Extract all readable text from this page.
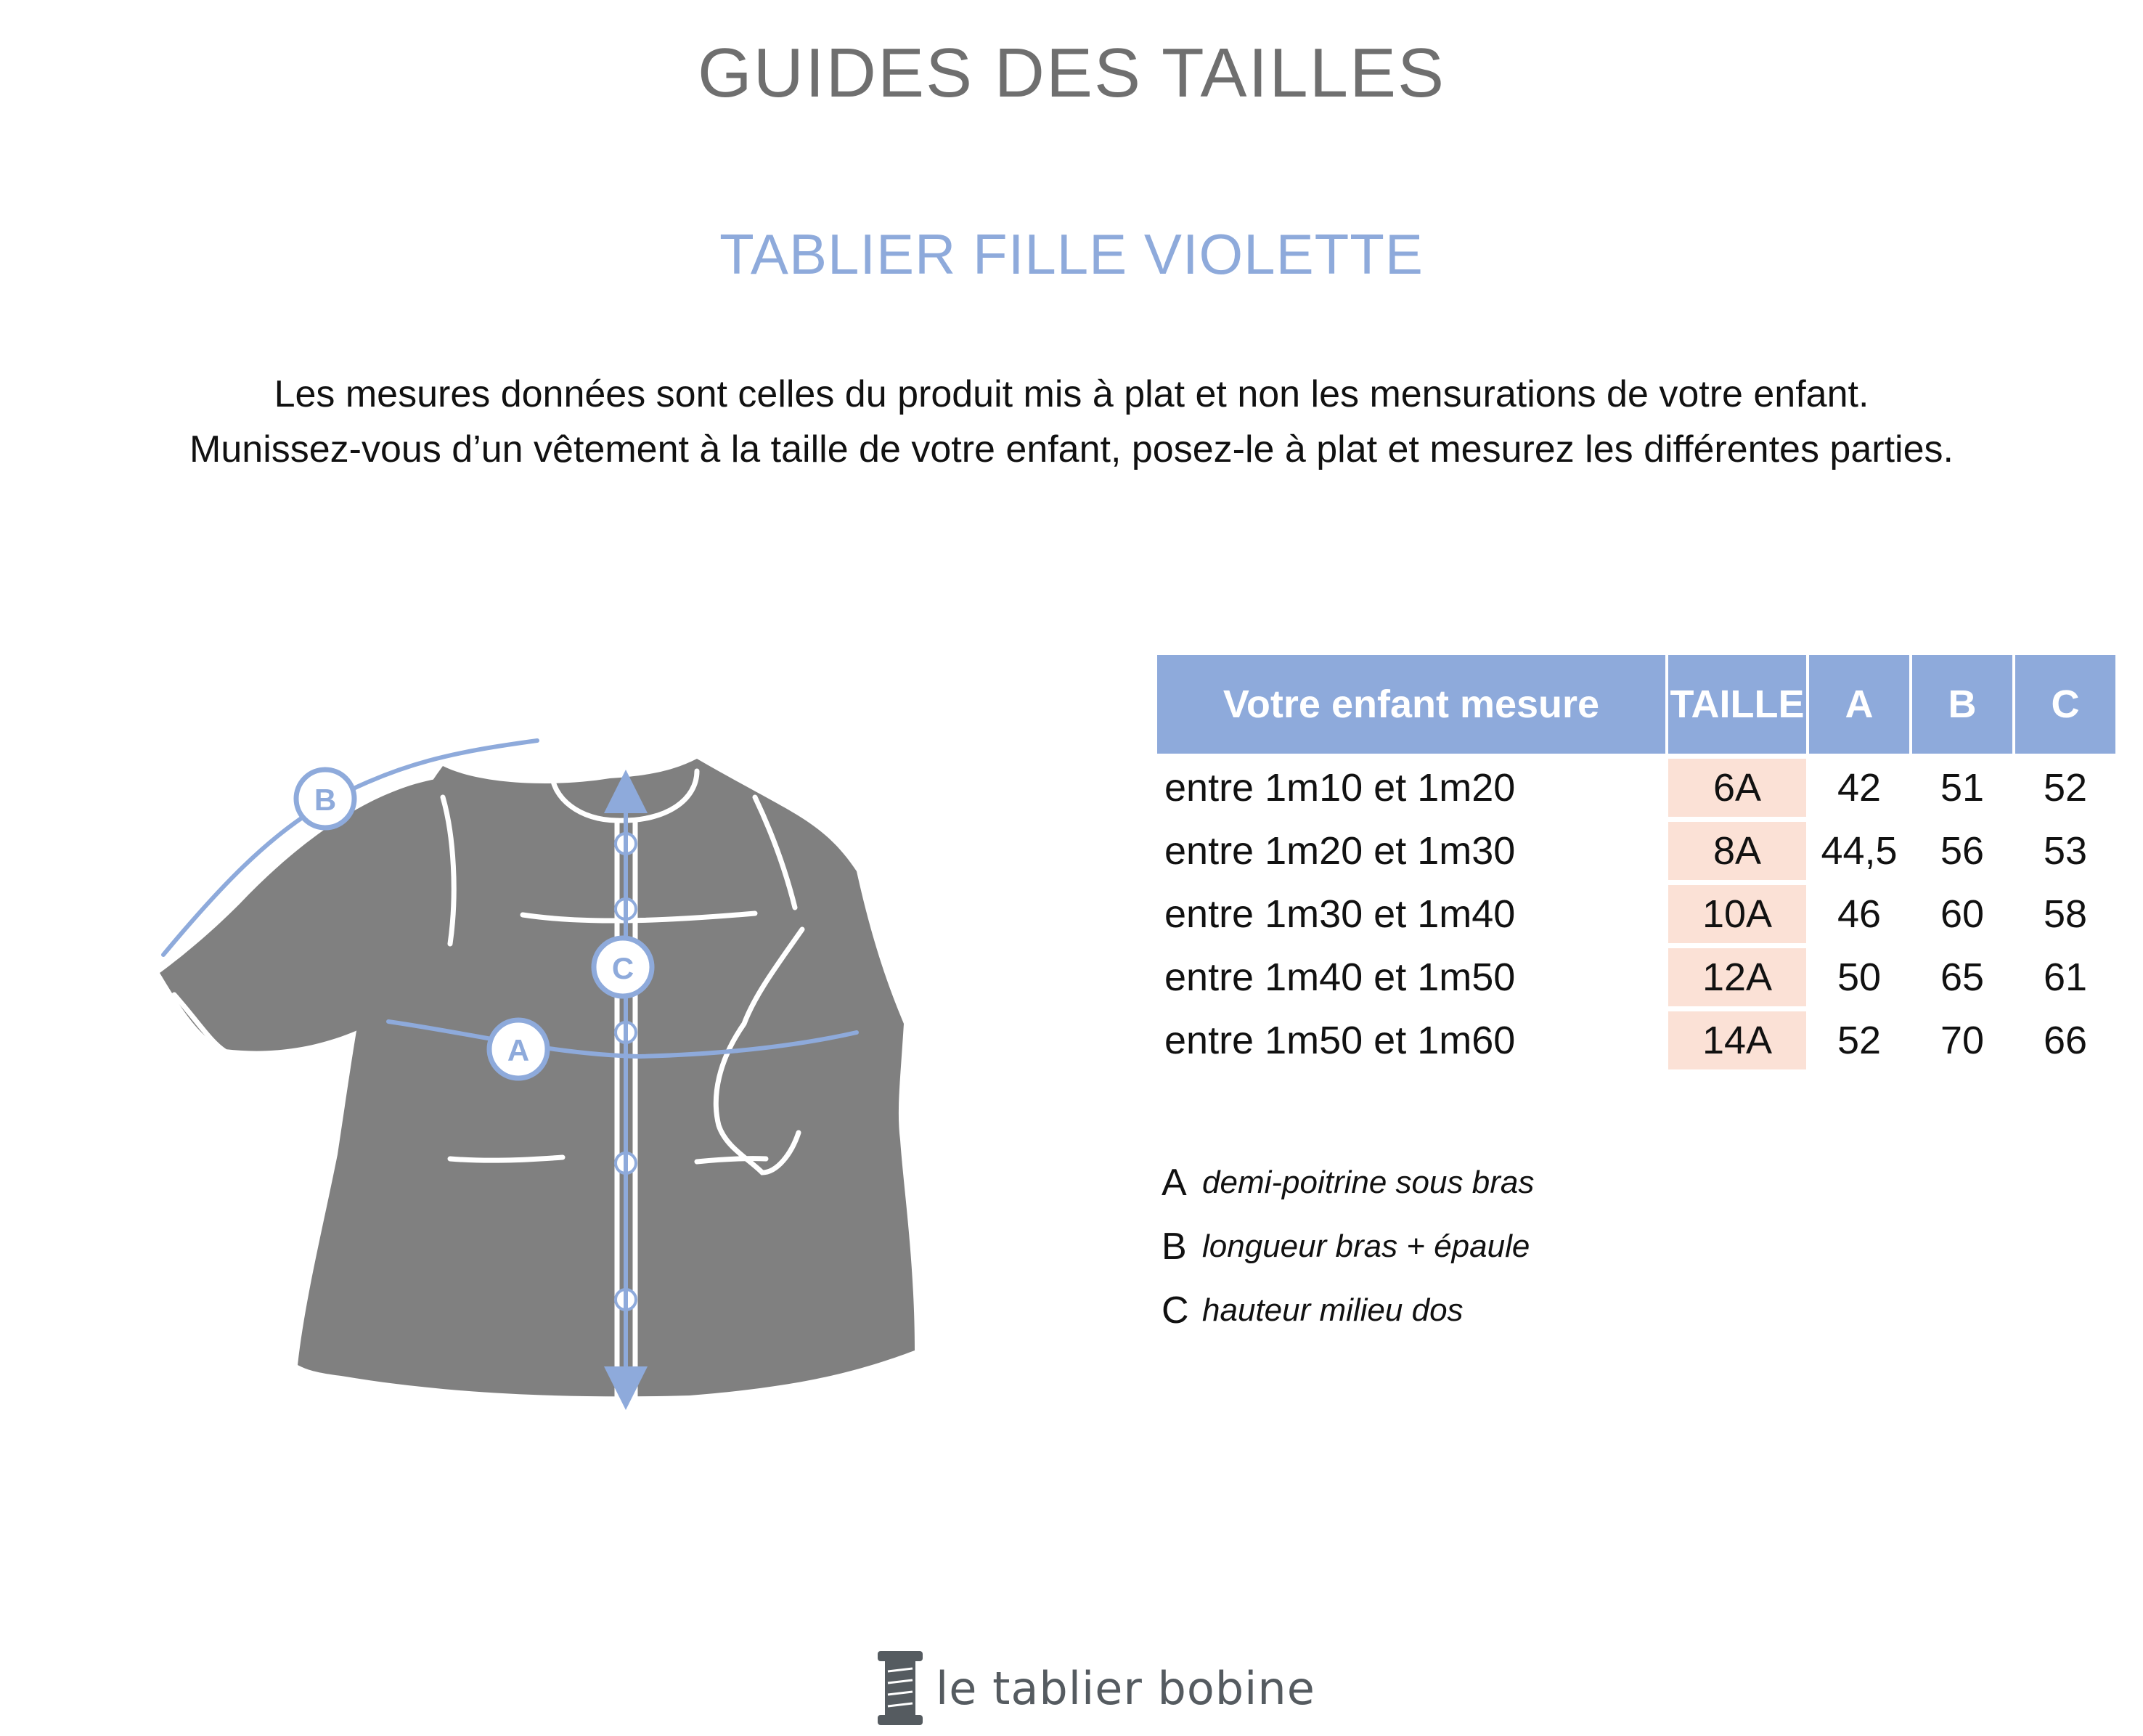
GUIDES DES TAILLES
TABLIER FILLE VIOLETTE

Les mesures données sont celles du produit mis à plat et non les mensurations de votre enfant.

Munissez-vous d’un vêtement à la taille de votre enfant, posez-le à plat et mesurez les différentes parties.

B
C
A
Votre enfant mesure	TAILLE	A	B	C
entre 1m10 et 1m20	6A	42	51	52
entre 1m20 et 1m30	8A	44,5	56	53
entre 1m30 et 1m40	10A	46	60	58
entre 1m40 et 1m50	12A	50	65	61
entre 1m50 et 1m60	14A	52	70	66
A demi-poitrine sous bras
B longueur bras + épaule
C hauteur milieu dos
le tablier bobine
